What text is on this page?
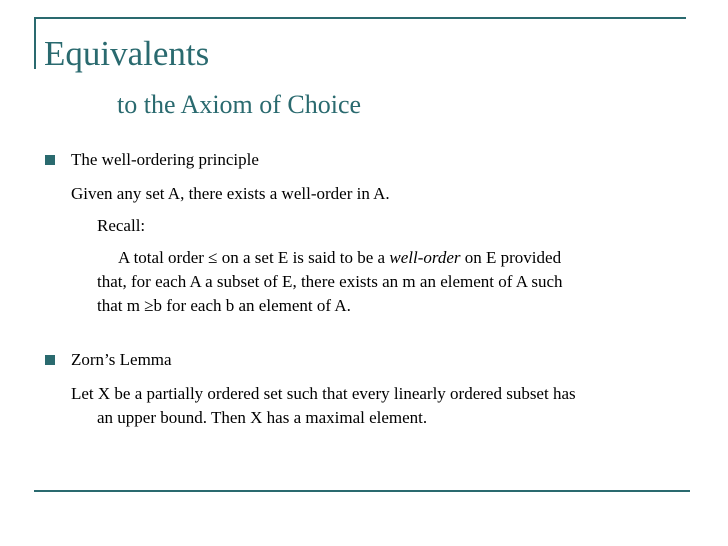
Equivalents
to the Axiom of Choice
The well-ordering principle
Given any set A, there exists a well-order in A.
Recall:
A total order ≤ on a set E is said to be a well-order on E provided
that, for each A a subset of E, there exists an m an element of A such
that m ≥b for each b an element of A.
Zorn’s Lemma
Let X be a partially ordered set such that every linearly ordered subset has
an upper bound. Then X has a maximal element.
